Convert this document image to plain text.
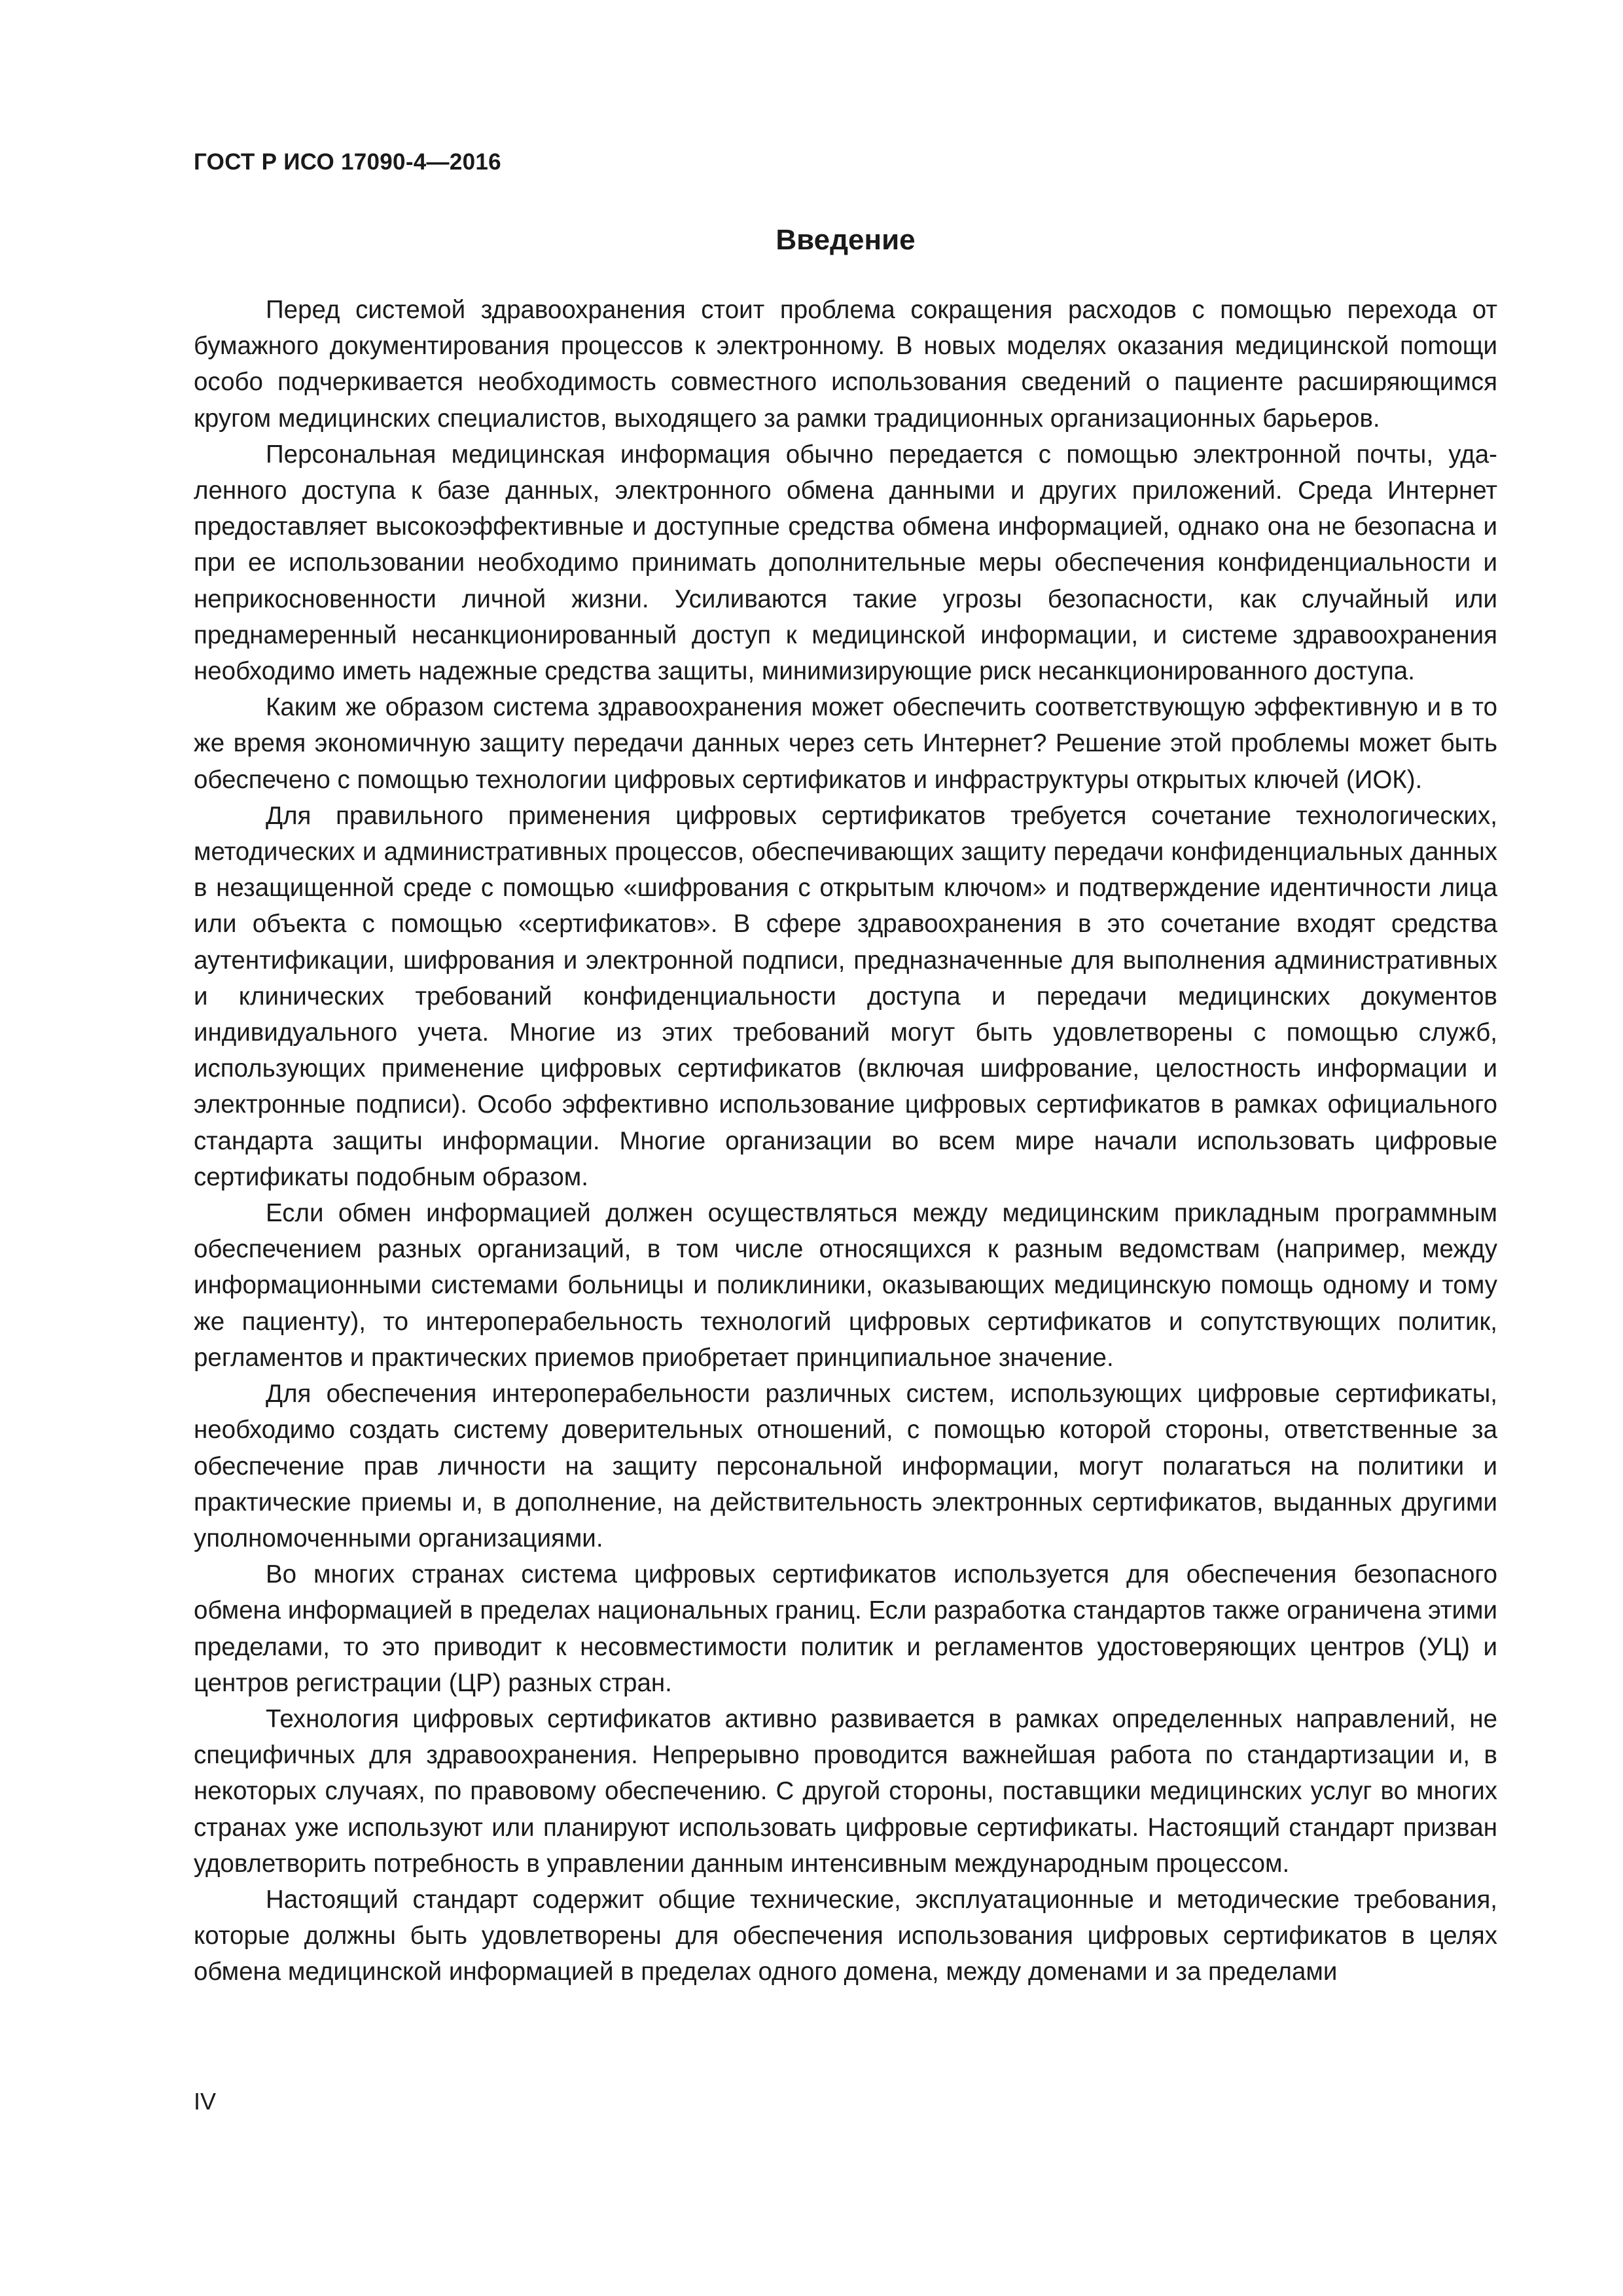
ГОСТ Р ИСО 17090-4—2016
Введение

Перед системой здравоохранения стоит проблема сокращения расходов с помощью перехода от бумажного документирования процессов к электронному. В новых моделях оказания медицинской поmощи особо подчеркивается необходимость совместного использования сведений о пациенте расширяющимся кругом медицинских специалистов, выходящего за рамки традиционных организационных барьеров.

Персональная медицинская информация обычно передается с помощью электронной почты, удаленного доступа к базе данных, электронного обмена данными и других приложений. Среда Интернет предоставляет высокоэффективные и доступные средства обмена информацией, однако она не безопасна и при ее использовании необходимо принимать дополнительные меры обеспечения конфиденциальности и неприкосновенности личной жизни. Усиливаются такие угрозы безопасности, как случайный или преднамеренный несанкционированный доступ к медицинской информации, и системе здравоохранения необходимо иметь надежные средства защиты, минимизирующие риск несанкционированного доступа.

Каким же образом система здравоохранения может обеспечить соответствующую эффективную и в то же время экономичную защиту передачи данных через сеть Интернет? Решение этой проблемы может быть обеспечено с помощью технологии цифровых сертификатов и инфраструктуры открытых ключей (ИОК).

Для правильного применения цифровых сертификатов требуется сочетание технологических, методических и административных процессов, обеспечивающих защиту передачи конфиденциальных данных в незащищенной среде с помощью «шифрования с открытым ключом» и подтверждение идентичности лица или объекта с помощью «сертификатов». В сфере здравоохранения в это сочетание входят средства аутентификации, шифрования и электронной подписи, предназначенные для выполнения административных и клинических требований конфиденциальности доступа и передачи медицинских документов индивидуального учета. Многие из этих требований могут быть удовлетворены с помощью служб, использующих применение цифровых сертификатов (включая шифрование, целостность информации и электронные подписи). Особо эффективно использование цифровых сертификатов в рамках официального стандарта защиты информации. Многие организации во всем мире начали использовать цифровые сертификаты подобным образом.

Если обмен информацией должен осуществляться между медицинским прикладным программным обеспечением разных организаций, в том числе относящихся к разным ведомствам (например, между информационными системами больницы и поликлиники, оказывающих медицинскую помощь одному и тому же пациенту), то интероперабельность технологий цифровых сертификатов и сопутствующих политик, регламентов и практических приемов приобретает принципиальное значение.

Для обеспечения интероперабельности различных систем, использующих цифровые сертификаты, необходимо создать систему доверительных отношений, с помощью которой стороны, ответственные за обеспечение прав личности на защиту персональной информации, могут полагаться на политики и практические приемы и, в дополнение, на действительность электронных сертификатов, выданных другими уполномоченными организациями.

Во многих странах система цифровых сертификатов используется для обеспечения безопасного обмена информацией в пределах национальных границ. Если разработка стандартов также ограничена этими пределами, то это приводит к несовместимости политик и регламентов удостоверяющих центров (УЦ) и центров регистрации (ЦР) разных стран.

Технология цифровых сертификатов активно развивается в рамках определенных направлений, не специфичных для здравоохранения. Непрерывно проводится важнейшая работа по стандартизации и, в некоторых случаях, по правовому обеспечению. С другой стороны, поставщики медицинских услуг во многих странах уже используют или планируют использовать цифровые сертификаты. Настоящий стандарт призван удовлетворить потребность в управлении данным интенсивным международным процессом.

Настоящий стандарт содержит общие технические, эксплуатационные и методические требования, которые должны быть удовлетворены для обеспечения использования цифровых сертификатов в целях обмена медицинской информацией в пределах одного домена, между доменами и за пределами

IV
